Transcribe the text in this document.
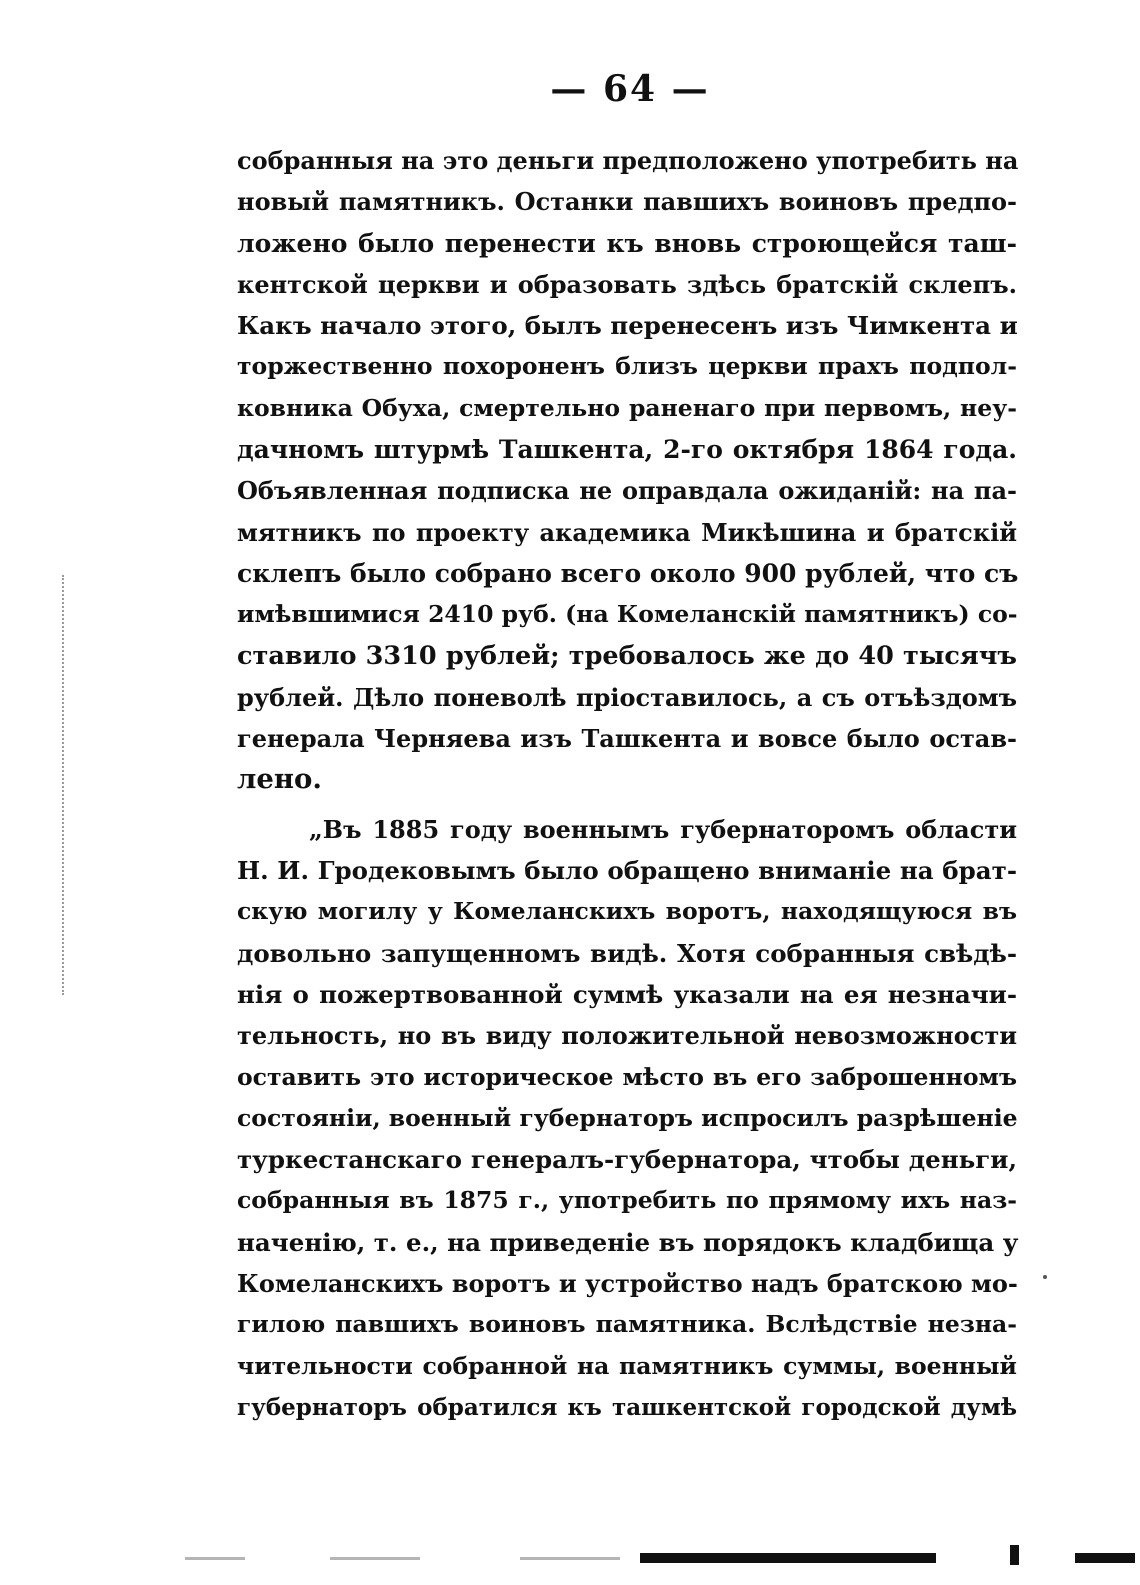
— 64 —
собранныя на это деньги предположено употребить на
новый памятникъ. Останки павшихъ воиновъ предпо-
ложено было перенести къ вновь строющейся таш-
кентской церкви и образовать здѣсь братскій склепъ.
Какъ начало этого, былъ перенесенъ изъ Чимкента и
торжественно похороненъ близъ церкви прахъ подпол-
ковника Обуха, смертельно раненаго при первомъ, неу-
дачномъ штурмѣ Ташкента, 2-го октября 1864 года.
Объявленная подписка не оправдала ожиданій: на па-
мятникъ по проекту академика Микѣшина и братскій
склепъ было собрано всего около 900 рублей, что съ
имѣвшимися 2410 руб. (на Комеланскій памятникъ) со-
ставило 3310 рублей; требовалось же до 40 тысячъ
рублей. Дѣло поневолѣ пріоставилось, а съ отъѣздомъ
генерала Черняева изъ Ташкента и вовсе было остав-
лено.
„Въ 1885 году военнымъ губернаторомъ области
Н. И. Гродековымъ было обращено вниманіе на брат-
скую могилу у Комеланскихъ воротъ, находящуюся въ
довольно запущенномъ видѣ. Хотя собранныя свѣдѣ-
нія о пожертвованной суммѣ указали на ея незначи-
тельность, но въ виду положительной невозможности
оставить это историческое мѣсто въ его заброшенномъ
состояніи, военный губернаторъ испросилъ разрѣшеніе
туркестанскаго генералъ-губернатора, чтобы деньги,
собранныя въ 1875 г., употребить по прямому ихъ наз-
наченію, т. е., на приведеніе въ порядокъ кладбища у
Комеланскихъ воротъ и устройство надъ братскою мо-
гилою павшихъ воиновъ памятника. Вслѣдствіе незна-
чительности собранной на памятникъ суммы, военный
губернаторъ обратился къ ташкентской городской думѣ
